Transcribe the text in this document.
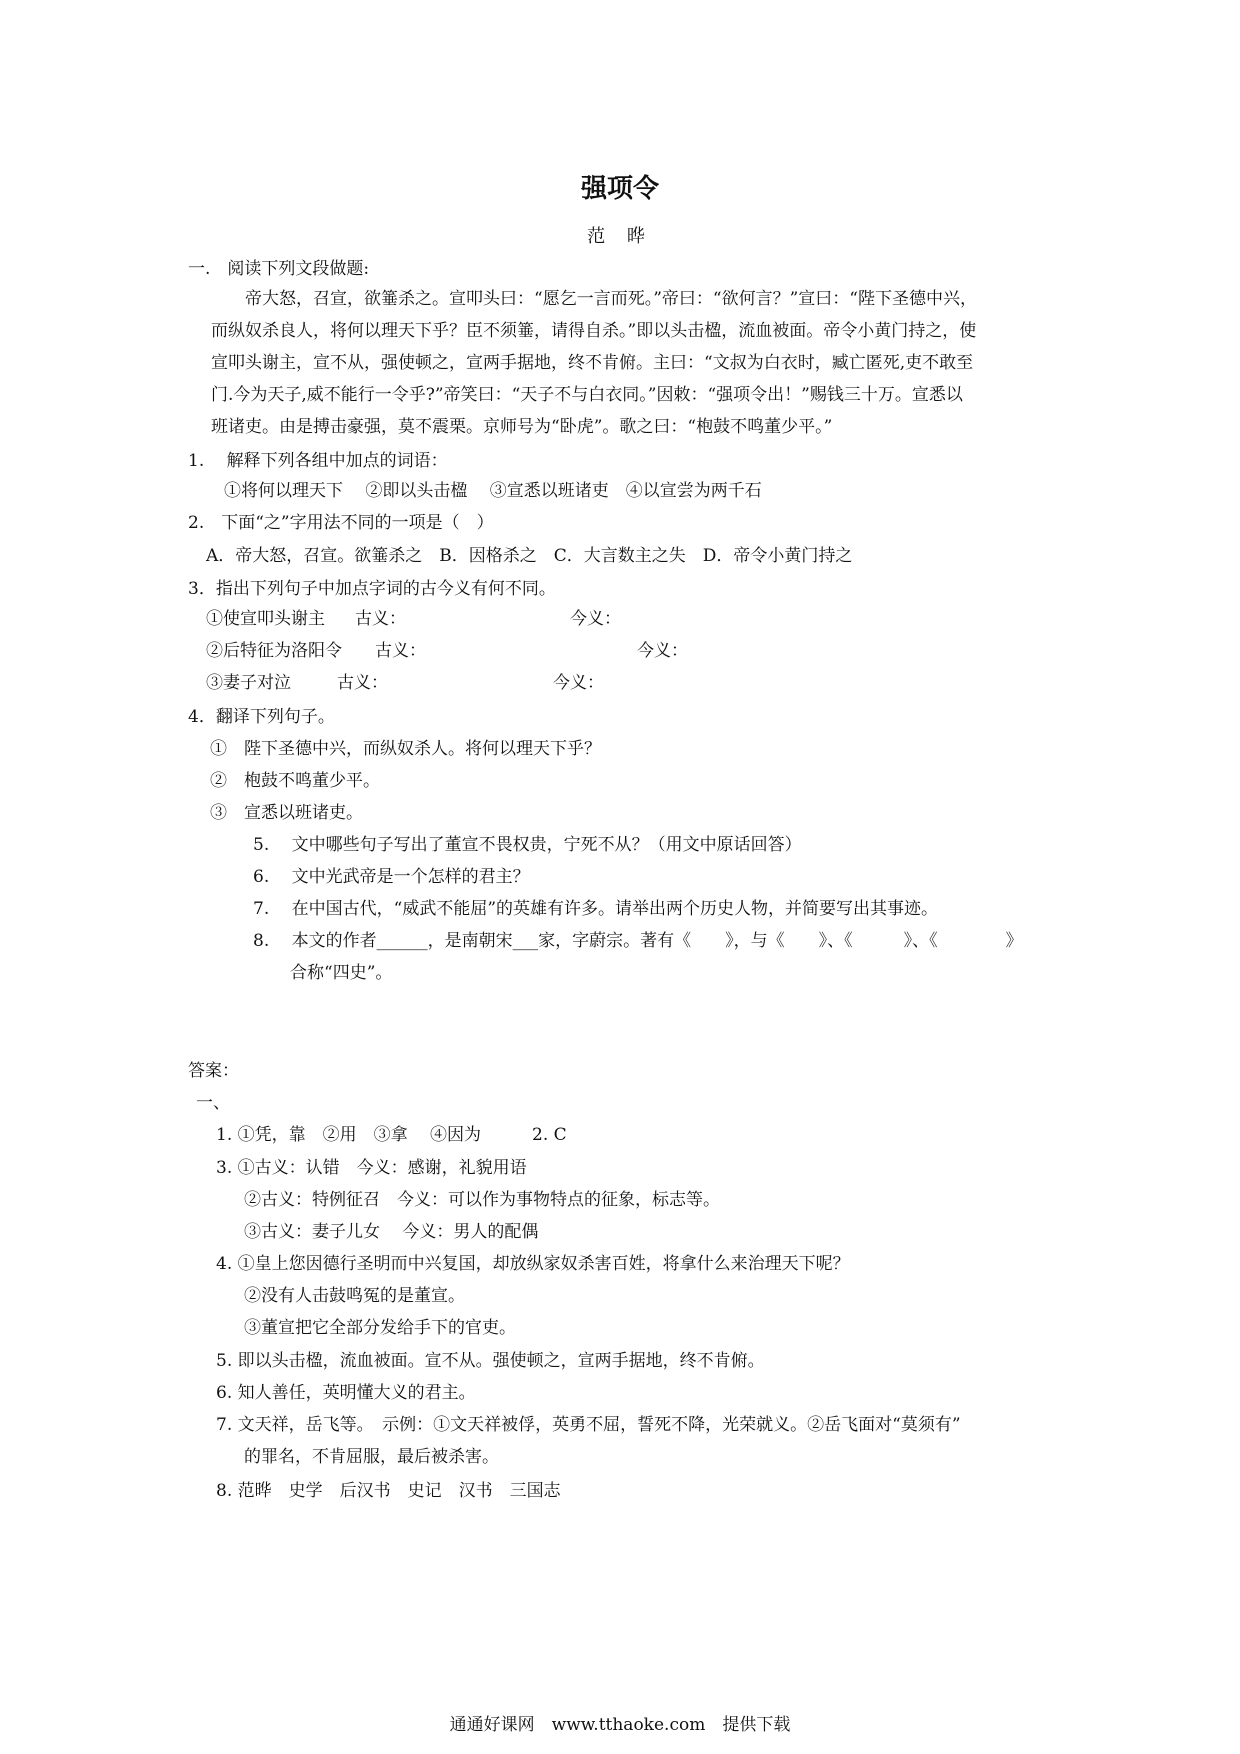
强项令
范 晔
一.　阅读下列文段做题:
帝大怒，召宣，欲箠杀之。宣叩头曰：“愿乞一言而死。”帝曰：“欲何言？”宣曰：“陛下圣德中兴，
而纵奴杀良人，将何以理天下乎？臣不须箠，请得自杀。”即以头击楹，流血被面。帝令小黄门持之，使
宣叩头谢主，宣不从，强使顿之，宣两手据地，终不肯俯。主曰：“文叔为白衣时，臧亡匿死,吏不敢至
门.今为天子,威不能行一令乎?”帝笑曰：“天子不与白衣同。”因敕：“强项令出！”赐钱三十万。宣悉以
班诸吏。由是搏击豪强，莫不震栗。京师号为“卧虎”。歌之曰：“枹鼓不鸣董少平。”
1.　 解释下列各组中加点的词语：
①将何以理天下　 ②即以头击楹　 ③宣悉以班诸吏　④以宣尝为两千石
2.　下面“之”字用法不同的一项是（　）
A．帝大怒，召宣。欲箠杀之　B．因格杀之　C．大言数主之失　D．帝令小黄门持之
3．指出下列句子中加点字词的古今义有何不同。
①使宣叩头谢主 古义：	今义：
②后特征为洛阳令 古义：	今义：
③妻子对泣	古义：	今义：
4．翻译下列句子。
①　陛下圣德中兴，而纵奴杀人。将何以理天下乎？
②　枹鼓不鸣董少平。
③　宣悉以班诸吏。
5.　 文中哪些句子写出了董宣不畏权贵，宁死不从？（用文中原话回答）
6.　 文中光武帝是一个怎样的君主？
7.　 在中国古代，“威武不能屈”的英雄有许多。请举出两个历史人物，并简要写出其事迹。
8.　 本文的作者______，是南朝宋___家，字蔚宗。著有《　　》，与《　　》、《　　　》、《　　　　》
合称“四史”。
答案：
一、
1. ①凭，靠　②用　③拿　 ④因为　　　2. C
3. ①古义：认错　今义：感谢，礼貌用语
②古义：特例征召　今义：可以作为事物特点的征象，标志等。
③古义：妻子儿女　 今义：男人的配偶
4. ①皇上您因德行圣明而中兴复国，却放纵家奴杀害百姓，将拿什么来治理天下呢？
②没有人击鼓鸣冤的是董宣。
③董宣把它全部分发给手下的官吏。
5. 即以头击楹，流血被面。宣不从。强使顿之，宣两手据地，终不肯俯。
6. 知人善任，英明懂大义的君主。
7. 文天祥，岳飞等。　示例：①文天祥被俘，英勇不屈，誓死不降，光荣就义。②岳飞面对“莫须有”
的罪名，不肯屈服，最后被杀害。
8. 范晔　史学　后汉书　史记　汉书　三国志
通通好课网　www.tthaoke.com　提供下载
